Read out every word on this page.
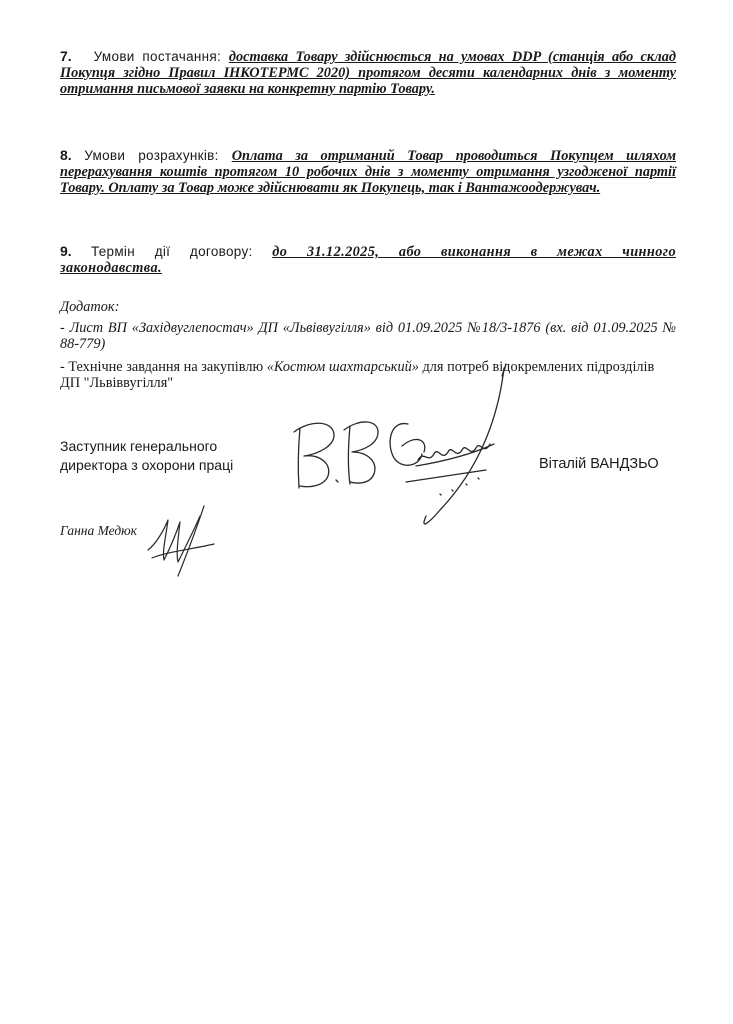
7. Умови постачання: доставка Товару здійснюється на умовах DDP (станція або склад Покупця згідно Правил ІНКОТЕРМС 2020) протягом десяти календарних днів з моменту отримання письмової заявки на конкретну партію Товару.

8. Умови розрахунків: Оплата за отриманий Товар проводиться Покупцем шляхом перерахування коштів протягом 10 робочих днів з моменту отримання узгодженої партії Товару. Оплату за Товар може здійснювати як Покупець, так і Вантажоодержувач.

9. Термін дії договору: до 31.12.2025, або виконання в межах чинного законодавства.

Додаток:

- Лист ВП «Західвуглепостач» ДП «Львіввугілля» від 01.09.2025 №18/3-1876 (вх. від 01.09.2025 № 88-779)

- Технічне завдання на закупівлю «Костюм шахтарський» для потреб відокремлених підрозділів ДП "Львіввугілля"

Заступник генерального
директора з охорони праці	Віталій ВАНДЗЬО
Ганна Медюк
